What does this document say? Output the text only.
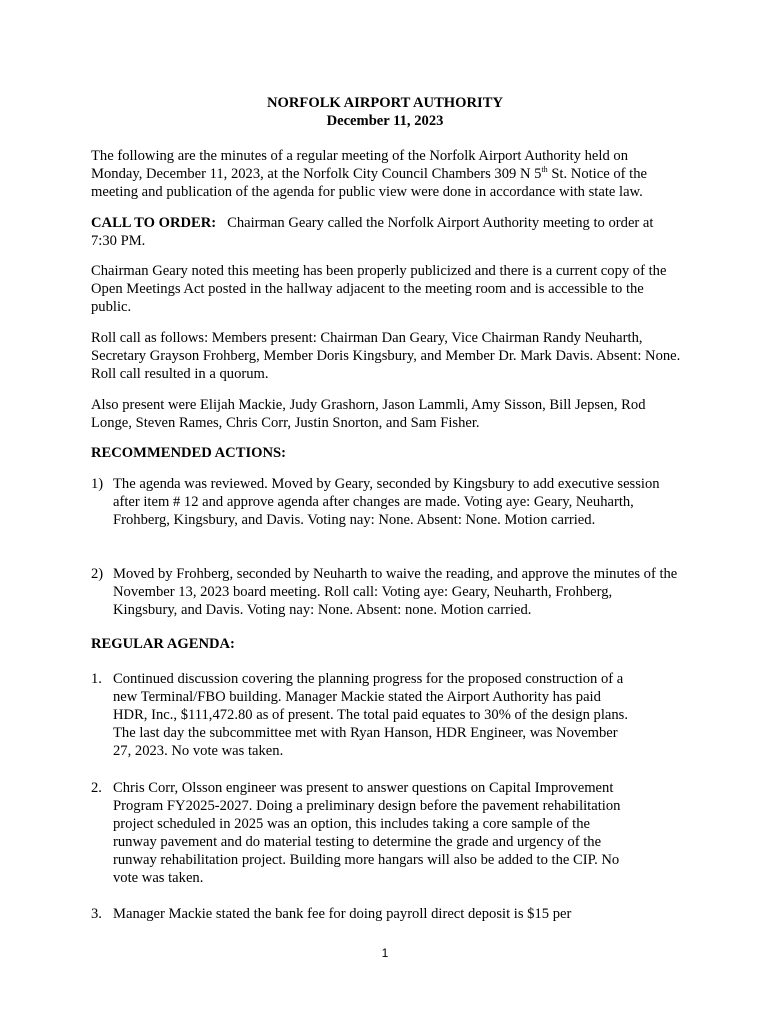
NORFOLK AIRPORT AUTHORITY
December 11, 2023

The following are the minutes of a regular meeting of the Norfolk Airport Authority held on Monday, December 11, 2023, at the Norfolk City Council Chambers 309 N 5th St. Notice of the meeting and publication of the agenda for public view were done in accordance with state law.

CALL TO ORDER:   Chairman Geary called the Norfolk Airport Authority meeting to order at 7:30 PM.

Chairman Geary noted this meeting has been properly publicized and there is a current copy of the Open Meetings Act posted in the hallway adjacent to the meeting room and is accessible to the public.

Roll call as follows: Members present: Chairman Dan Geary, Vice Chairman Randy Neuharth, Secretary Grayson Frohberg, Member Doris Kingsbury, and Member Dr. Mark Davis. Absent: None. Roll call resulted in a quorum.

Also present were Elijah Mackie, Judy Grashorn, Jason Lammli, Amy Sisson, Bill Jepsen, Rod Longe, Steven Rames, Chris Corr, Justin Snorton, and Sam Fisher.

RECOMMENDED ACTIONS:

1) The agenda was reviewed. Moved by Geary, seconded by Kingsbury to add executive session after item # 12 and approve agenda after changes are made. Voting aye: Geary, Neuharth, Frohberg, Kingsbury, and Davis. Voting nay: None. Absent: None. Motion carried.
2) Moved by Frohberg, seconded by Neuharth to waive the reading, and approve the minutes of the November 13, 2023 board meeting. Roll call: Voting aye: Geary, Neuharth, Frohberg, Kingsbury, and Davis. Voting nay: None. Absent: none. Motion carried.

REGULAR AGENDA:

1. Continued discussion covering the planning progress for the proposed construction of a new Terminal/FBO building. Manager Mackie stated the Airport Authority has paid HDR, Inc., $111,472.80 as of present. The total paid equates to 30% of the design plans. The last day the subcommittee met with Ryan Hanson, HDR Engineer, was November 27, 2023. No vote was taken.
2. Chris Corr, Olsson engineer was present to answer questions on Capital Improvement Program FY2025-2027. Doing a preliminary design before the pavement rehabilitation project scheduled in 2025 was an option, this includes taking a core sample of the runway pavement and do material testing to determine the grade and urgency of the runway rehabilitation project. Building more hangars will also be added to the CIP. No vote was taken.
3. Manager Mackie stated the bank fee for doing payroll direct deposit is $15 per
1
